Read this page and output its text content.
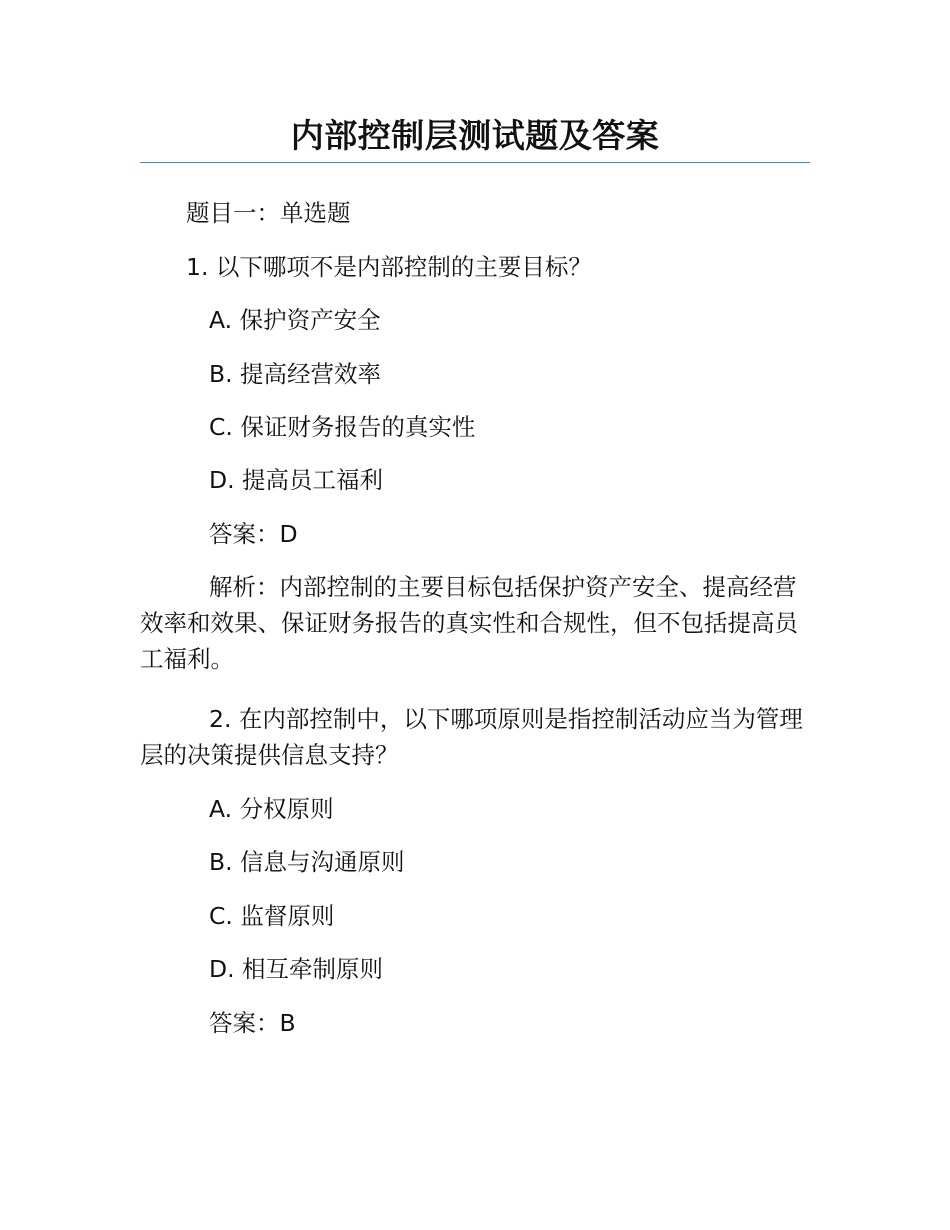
内部控制层测试题及答案
题目一：单选题
1. 以下哪项不是内部控制的主要目标？
A. 保护资产安全
B. 提高经营效率
C. 保证财务报告的真实性
D. 提高员工福利
答案：D
解析：内部控制的主要目标包括保护资产安全、提高经营效率和效果、保证财务报告的真实性和合规性，但不包括提高员工福利。
2. 在内部控制中，以下哪项原则是指控制活动应当为管理层的决策提供信息支持？
A. 分权原则
B. 信息与沟通原则
C. 监督原则
D. 相互牵制原则
答案：B
